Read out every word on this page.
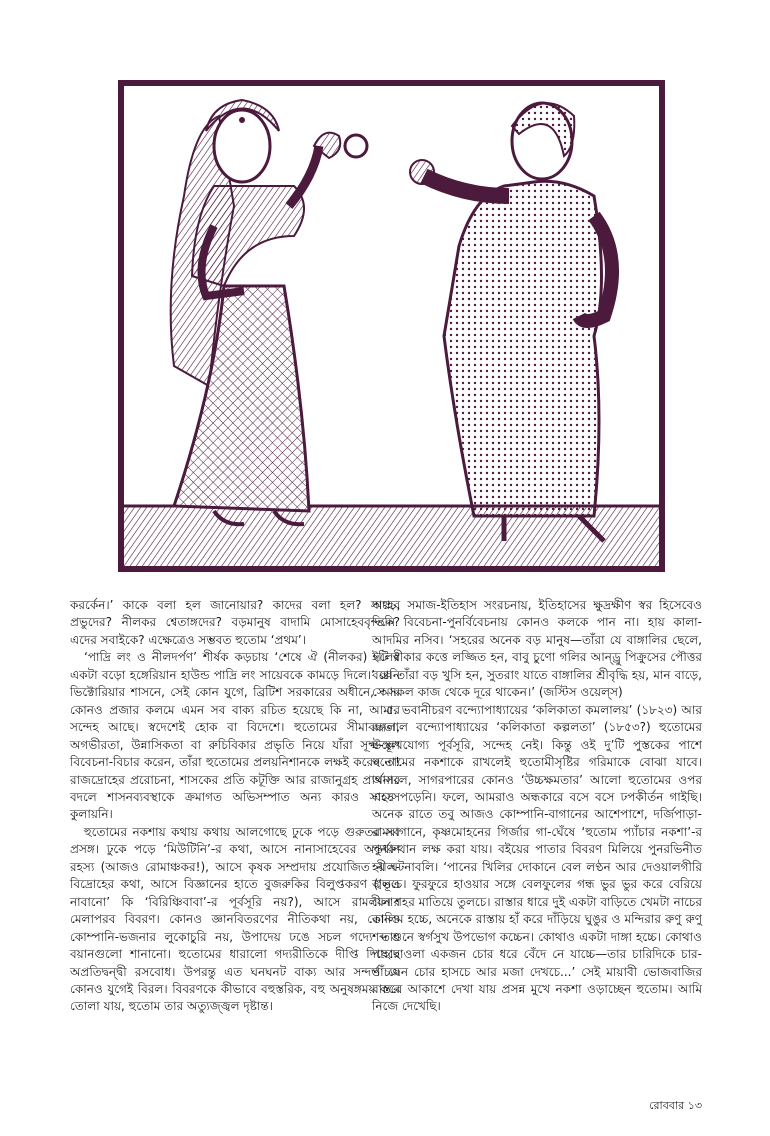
করর্কেন।’ কাকে বলা হল জানোয়ার? কাদের বলা হল? সাহেব প্রভুদের? নীলকর শ্বেতাঙ্গদের? বড়মানুষ বাদামি মোসাহেববৃন্দকে? এদের সবাইকে? এক্ষেত্রেও সম্ভবত হুতোম ‘প্রথম’।

‘পাদ্রি লং ও নীলদর্পণ’ শীর্ষক কড়চায় ‘শেষে ঐ (নীলকর) দলের একটা বড়ো হঙ্গেরিয়ান হাউন্ড পাদ্রি লং সায়েবকে কামড়ে দিলে।’ রানি ভিক্টোরিয়ার শাসনে, সেই কোন যুগে, ব্রিটিশ সরকারের অধীনে, আর কোনও প্রজার কলমে এমন সব বাক্য রচিত হয়েছে কি না, আমার সন্দেহ আছে। স্বদেশেই হোক বা বিদেশে। হুতোমের সীমাবদ্ধতা, অগভীরতা, উন্নাসিকতা বা রুচিবিকার প্রভৃতি নিয়ে যাঁরা সূক্ষ্ম-স্থূল বিবেচনা-বিচার করেন, তাঁরা হুতোমের প্রলয়নিশানকে লক্ষই করেন না! রাজদ্রোহের প্ররোচনা, শাসকের প্রতি কটূক্তি আর রাজানুগ্রহ প্রার্থনার বদলে শাসনব্যবস্থাকে ক্রমাগত অভিসম্পাত অন্য কারও সাহসে কুলায়নি।

হুতোমের নকশায় কথায় কথায় আলগোছে ঢুকে পড়ে গুরুতর সব প্রসঙ্গ। ঢুকে পড়ে ‘মিউটিনি’-র কথা, আসে নানাসাহেবের অন্তর্ধান রহস্য (আজও রোমাঞ্চকর!), আসে কৃষক সম্প্রদায় প্রযোজিত নীল-বিদ্রোহের কথা, আসে বিজ্ঞানের হাতে বুজরুকির বিলুপ্তকরণ (‘ভূত নাবানো’ কি ‘বিরিঞ্চিবাবা’-র পূর্বসূরি নয়?), আসে রামলীলার মেলাপরব বিবরণ। কোনও জ্ঞানবিতরণের নীতিকথা নয়, কোনও কোম্পানি-ভজনার লুকোচুরি নয়, উপাদেয় ঢঙে সচল গদ্যে তার বয়ানগুলো শানানো। হুতোমের ধারালো গদ্যরীতিকে দীপ্তি দিয়েছে অপ্রতিদ্বন্দ্বী রসবোধ। উপরন্তু এত ঘনঘনট বাক্য আর সন্দর্ভ যে কোনও যুগেই বিরল। বিবরণকে কীভাবে বহুস্তরিক, বহু অনুষঙ্গময় করে তোলা যায়, হুতোম তার অত্যুজ্জ্বল দৃষ্টান্ত।

অথচ, সমাজ-ইতিহাস সংরচনায়, ইতিহাসের ক্ষুদ্রক্ষীণ স্বর হিসেবেও তিনি বিবেচনা-পুনর্বিবেচনায় কোনও কলকে পান না। হায় কালা-আদমির নসিব। ‘সহরের অনেক বড় মানুষ—তাঁরা যে বাঙ্গালির ছেলে, ইটি স্বীকার কত্তে লজ্জিত হন, বাবু চুণো গলির আন্‌ড্রু পিক্রুসের পৌত্তর বল্লে তাঁরা বড় খুসি হন, সুতরাং যাতে বাঙ্গালির শ্রীবৃদ্ধি হয়, মান বাড়ে, সে সকল কাজ থেকে দূরে থাকেন।’ (জস্টিস ওয়েল্‌স)

৫. ভবানীচরণ বন্দ্যোপাধ্যায়ের ‘কলিকাতা কমলালয়’ (১৮২৩) আর রঙ্গলাল বন্দ্যোপাধ্যায়ের ‘কলিকাতা কল্পলতা’ (১৮৫৩?) হুতোমের উল্লেখযোগ্য পূর্বসূরি, সন্দেহ নেই। কিন্তু ওই দু’টি পুস্তকের পাশে হুতোমের নকশাকে রাখলেই হুতোমীসৃষ্টির গরিমাকে বোঝা যাবে। আসলে, সাগরপারের কোনও ‘উচ্চক্ষমতার’ আলো হুতোমের ওপর এসে পড়েনি। ফলে, আমরাও অন্ধকারে বসে বসে ঢপকীর্তন গাইছি। অনেক রাতে তবু আজও কোম্পানি-বাগানের আশেপাশে, দর্জিপাড়া-রামবাগানে, কৃষ্ণমোহনের গির্জার গা-ঘেঁষে ‘হুতোম প্যাঁচার নকশা’-র পুনরুত্থান লক্ষ করা যায়। বইয়ের পাতার বিবরণ মিলিয়ে পুনরভিনীত হয় ঘটনাবলি। ‘পানের খিলির দোকানে বেল লণ্ঠন আর দেওয়ালগীরি জ্বলচে। ফুরফুরে হাওয়ার সঙ্গে বেলফুলের গন্ধ ভুর ভুর করে বেরিয়ে যেন শহর মাতিয়ে তুলচে। রাস্তার ধারে দুই একটা বাড়িতে খেমটা নাচের তালিম হচ্চে, অনেকে রাস্তায় হাঁ করে দাঁড়িয়ে ঘুঙুর ও মন্দিরার রুণু রুণু শব্দ শুনে স্বর্গসুখ উপভোগ কচ্চেন। কোথাও একটা দাঙ্গা হচ্চে। কোথাও পাহারাওলা একজন চোর ধরে বেঁদে নে যাচ্চে—তার চারিদিকে চার-পাঁচজন চোর হাসচে আর মজা দেখচে...’ সেই মায়াবী ভোজবাজির বাস্তবে আকাশে দেখা যায় প্রসন্ন মুখে নকশা ওড়াচ্ছেন হুতোম। আমি নিজে দেখেছি।

রোববার ১৩
